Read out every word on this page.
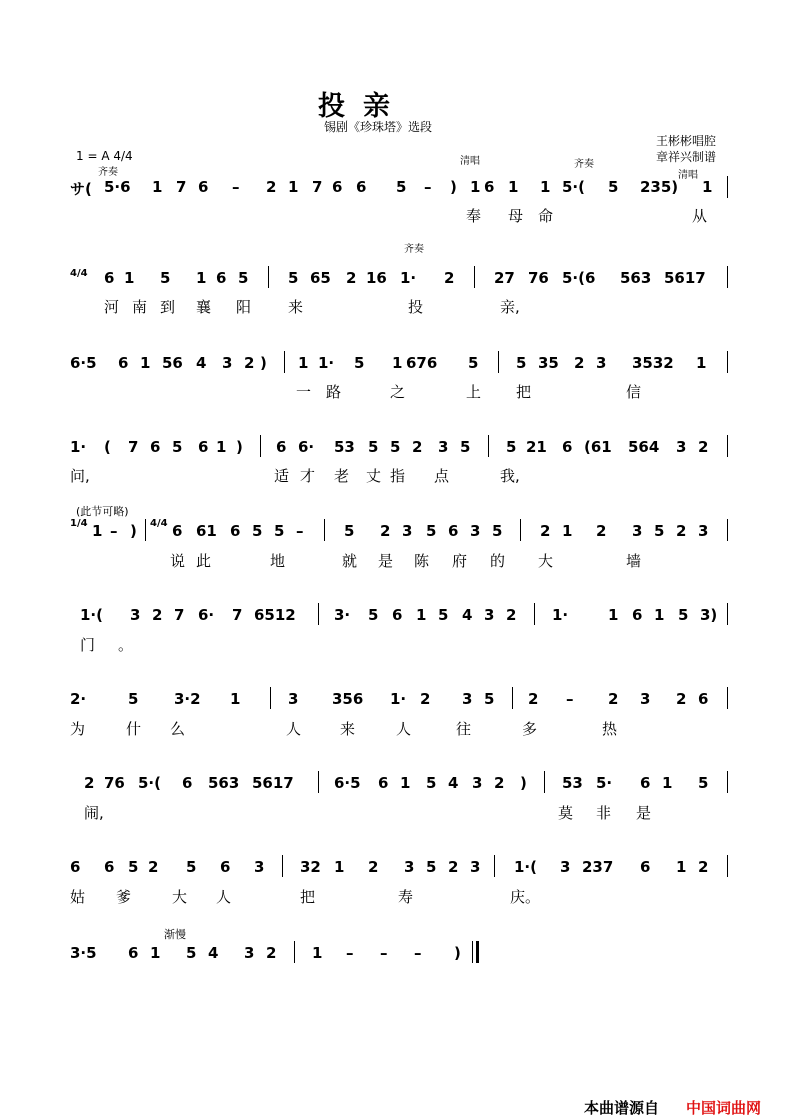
投亲
锡剧《珍珠塔》选段
王彬彬唱腔
章祥兴制谱
1 = A 4/4
齐奏
清唱	齐奏
清唱
サ( 5·6 1 7 6 – 2 1 7 6 6 5 – ) 1 6 1 1 5·( 5 235) 1
奉 母 命	从
齐奏
4/4 6 1 5 1 6 5	5 65 2 16 1· 2	27 76 5·(6 563 5617
河 南 到 襄 阳 来	投	亲,
6·5 6 1 56 4 3 2 ) 1 1· 5 1 676 5	5 35 2 3 3532 1
一 路	之	上 把	信
1· ( 7 6 5 6 1 ) 6 6· 53 5 5 2 3 5 5 21 6 (61 564 3 2
问,	适 才 老 丈 指 点	我,
(此节可略)
1/4 1 – ) 4/4 6 61 6 5 5 –	5 2 3 5 6 3 5	2 1 2 3 5 2 3
说 此	地	就 是 陈 府 的 大	墙
1·( 3 2 7 6· 7 6512	3· 5 6 1 5 4 3 2 1·	1 6 1 5 3)
门 。
2·	5 3·2 1	3 356 1· 2 3 5 2 – 2 3 2 6
为	什 么	人	来	人	往	多	热
2 76 5·( 6 563 5617	6·5 6 1 5 4 3 2 ) 53 5· 6 1 5
闹,	莫 非 是
6 6 5 2 5 6 3 32 1 2 3 5 2 3 1·( 3 237 6 1 2
姑 爹	大 人	把	寿	庆。
渐慢
3·5 6 1 5 4 3 2 1 – – – )
本曲谱源自 中国词曲网
